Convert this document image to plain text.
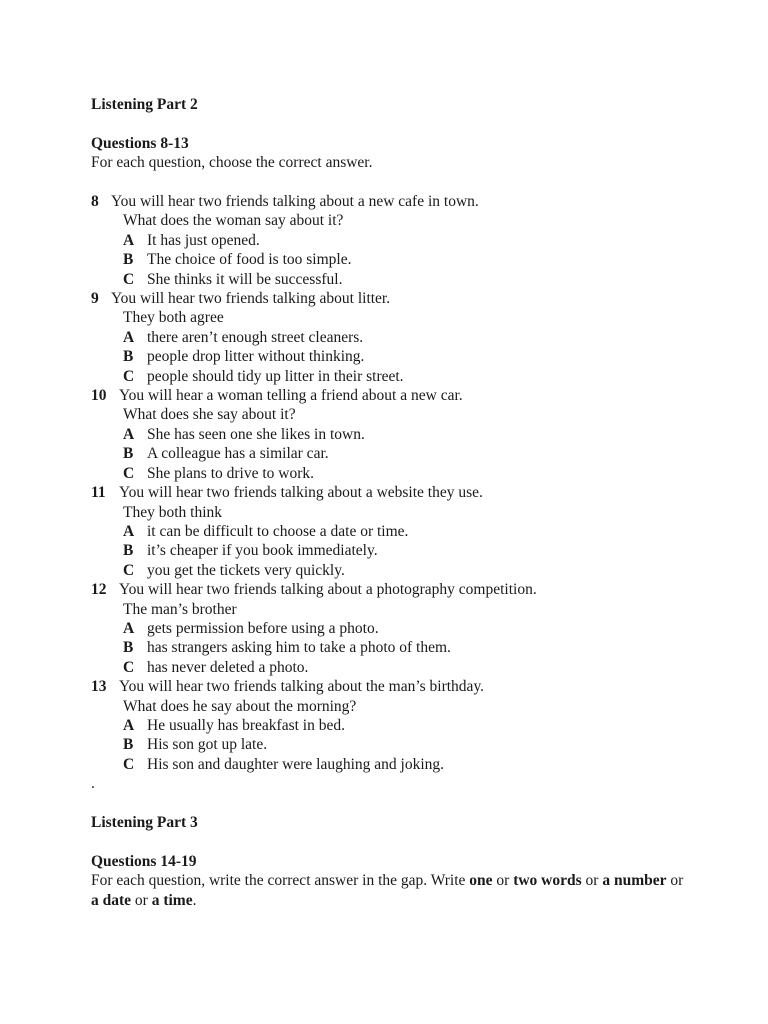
Listening Part 2

Questions 8-13

For each question, choose the correct answer.

8 You will hear two friends talking about a new cafe in town.
What does the woman say about it?
A It has just opened.
B The choice of food is too simple.
C She thinks it will be successful.
9 You will hear two friends talking about litter.
They both agree
A there aren’t enough street cleaners.
B people drop litter without thinking.
C people should tidy up litter in their street.
10 You will hear a woman telling a friend about a new car.
What does she say about it?
A She has seen one she likes in town.
B A colleague has a similar car.
C She plans to drive to work.
11 You will hear two friends talking about a website they use.
They both think
A it can be difficult to choose a date or time.
B it’s cheaper if you book immediately.
C you get the tickets very quickly.
12 You will hear two friends talking about a photography competition.
The man’s brother
A gets permission before using a photo.
B has strangers asking him to take a photo of them.
C has never deleted a photo.
13 You will hear two friends talking about the man’s birthday.
What does he say about the morning?
A He usually has breakfast in bed.
B His son got up late.
C His son and daughter were laughing and joking.

.

Listening Part 3

Questions 14-19

For each question, write the correct answer in the gap. Write one or two words or a number or a date or a time.
